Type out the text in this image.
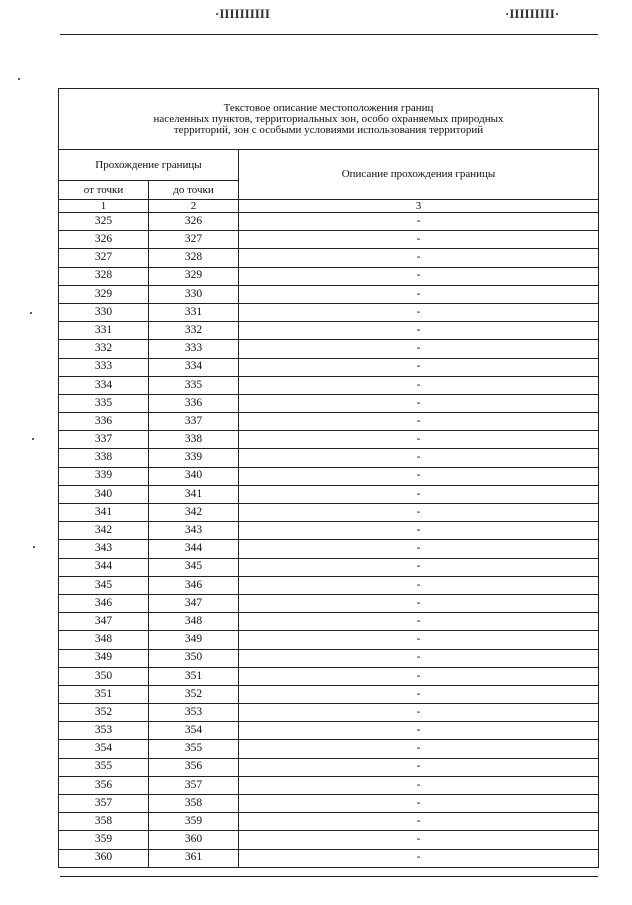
·IIIIIIIIII	·IIIIIIIII·
Текстовое описание местоположения границ
населенных пунктов, территориальных зон, особо охраняемых природных
территорий, зон с особыми условиями использования территорий		

Прохождение границы		Описание прохождения границы
от точки	до точки	
1	2	3
325	326	-
326	327	-
327	328	-
328	329	-
329	330	-
330	331	-
331	332	-
332	333	-
333	334	-
334	335	-
335	336	-
336	337	-
337	338	-
338	339	-
339	340	-
340	341	-
341	342	-
342	343	-
343	344	-
344	345	-
345	346	-
346	347	-
347	348	-
348	349	-
349	350	-
350	351	-
351	352	-
352	353	-
353	354	-
354	355	-
355	356	-
356	357	-
357	358	-
358	359	-
359	360	-
360	361	-
